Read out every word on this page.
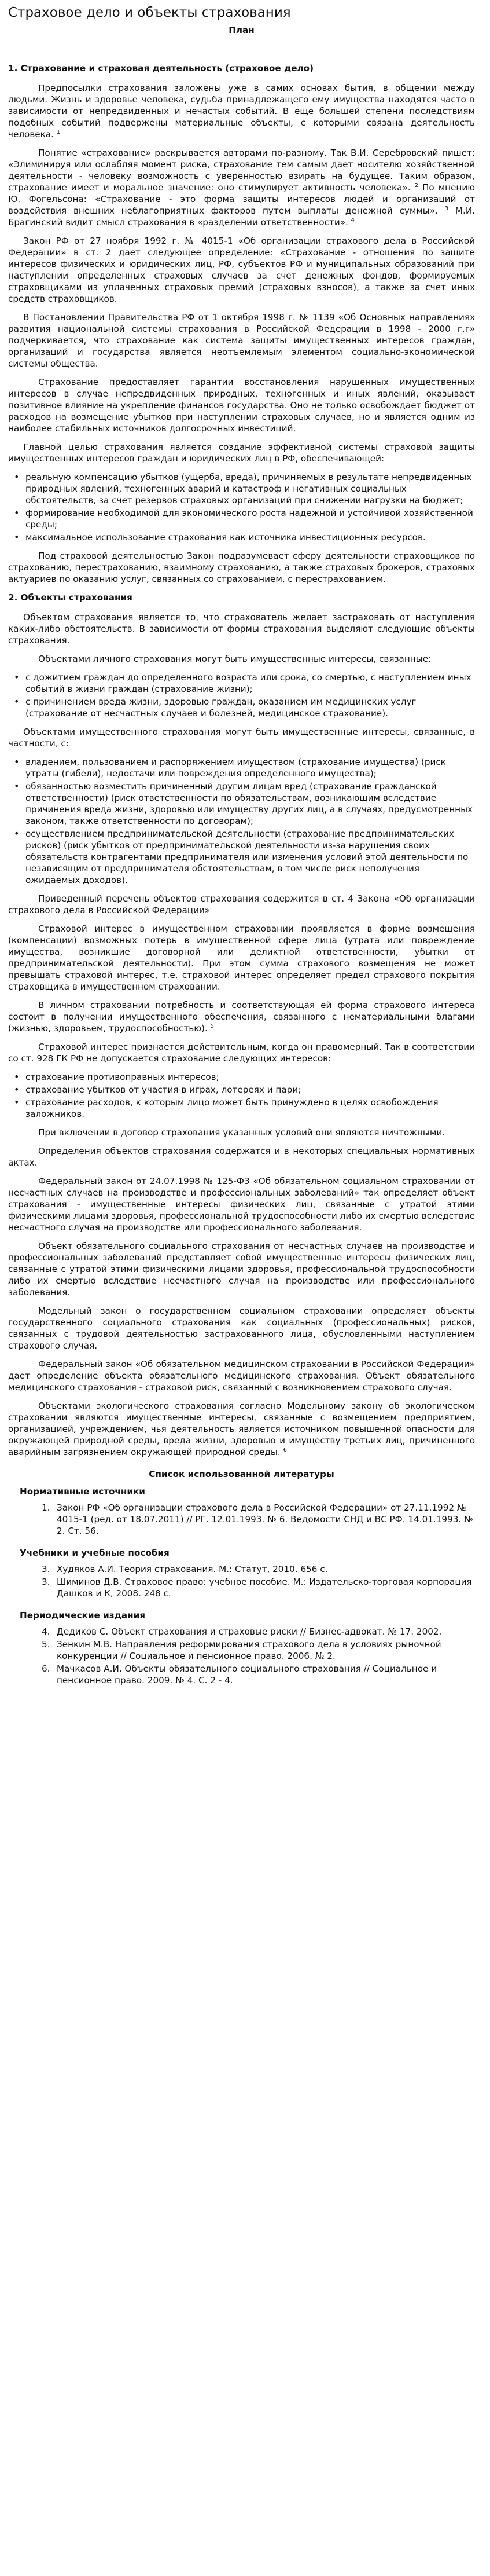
Страховое дело и объекты страхования
План
1. Страхование и страховая деятельность (страховое дело)

Предпосылки страхования заложены уже в самих основах бытия, в общении между людьми. Жизнь и здоровье человека, судьба принадлежащего ему имущества находятся часто в зависимости от непредвиденных и нечастых событий. В еще большей степени последствиям подобных событий подвержены материальные объекты, с которыми связана деятельность человека. $^1$

Понятие «страхование» раскрывается авторами по-разному. Так В.И. Серебровский пишет: «Элиминируя или ослабляя момент риска, страхование тем самым дает носителю хозяйственной деятельности - человеку возможность с уверенностью взирать на будущее. Таким образом, страхование имеет и моральное значение: оно стимулирует активность человека». $^2$ По мнению Ю. Фогельсона: «Страхование - это форма защиты интересов людей и организаций от воздействия внешних неблагоприятных факторов путем выплаты денежной суммы». $^3$ М.И. Брагинский видит смысл страхования в «разделении ответственности». $^4$

Закон РФ от 27 ноября 1992 г. № 4015-1 «Об организации страхового дела в Российской Федерации» в ст. 2 дает следующее определение: «Страхование - отношения по защите интересов физических и юридических лиц, РФ, субъектов РФ и муниципальных образований при наступлении определенных страховых случаев за счет денежных фондов, формируемых страховщиками из уплаченных страховых премий (страховых взносов), а также за счет иных средств страховщиков.

В Постановлении Правительства РФ от 1 октября 1998 г. № 1139 «Об Основных направлениях развития национальной системы страхования в Российской Федерации в 1998 - 2000 г.г» подчеркивается, что страхование как система защиты имущественных интересов граждан, организаций и государства является неотъемлемым элементом социально-экономической системы общества.

Страхование предоставляет гарантии восстановления нарушенных имущественных интересов в случае непредвиденных природных, техногенных и иных явлений, оказывает позитивное влияние на укрепление финансов государства. Оно не только освобождает бюджет от расходов на возмещение убытков при наступлении страховых случаев, но и является одним из наиболее стабильных источников долгосрочных инвестиций.

Главной целью страхования является создание эффективной системы страховой защиты имущественных интересов граждан и юридических лиц в РФ, обеспечивающей:

• реальную компенсацию убытков (ущерба, вреда), причиняемых в результате непредвиденных природных явлений, техногенных аварий и катастроф и негативных социальных обстоятельств, за счет резервов страховых организаций при снижении нагрузки на бюджет;
• формирование необходимой для экономического роста надежной и устойчивой хозяйственной среды;
• максимальное использование страхования как источника инвестиционных ресурсов.

Под страховой деятельностью Закон подразумевает сферу деятельности страховщиков по страхованию, перестрахованию, взаимному страхованию, а также страховых брокеров, страховых актуариев по оказанию услуг, связанных со страхованием, с перестрахованием.

2. Объекты страхования

Объектом страхования является то, что страхователь желает застраховать от наступления каких-либо обстоятельств. В зависимости от формы страхования выделяют следующие объекты страхования.

Объектами личного страхования могут быть имущественные интересы, связанные:

• с дожитием граждан до определенного возраста или срока, со смертью, с наступлением иных событий в жизни граждан (страхование жизни);
• с причинением вреда жизни, здоровью граждан, оказанием им медицинских услуг (страхование от несчастных случаев и болезней, медицинское страхование).

Объектами имущественного страхования могут быть имущественные интересы, связанные, в частности, с:

• владением, пользованием и распоряжением имуществом (страхование имущества) (риск утраты (гибели), недостачи или повреждения определенного имущества);
• обязанностью возместить причиненный другим лицам вред (страхование гражданской ответственности) (риск ответственности по обязательствам, возникающим вследствие причинения вреда жизни, здоровью или имуществу других лиц, а в случаях, предусмотренных законом, также ответственности по договорам);
• осуществлением предпринимательской деятельности (страхование предпринимательских рисков) (риск убытков от предпринимательской деятельности из-за нарушения своих обязательств контрагентами предпринимателя или изменения условий этой деятельности по независящим от предпринимателя обстоятельствам, в том числе риск неполучения ожидаемых доходов).

Приведенный перечень объектов страхования содержится в ст. 4 Закона «Об организации страхового дела в Российской Федерации»

Страховой интерес в имущественном страховании проявляется в форме возмещения (компенсации) возможных потерь в имущественной сфере лица (утрата или повреждение имущества, возникшие договорной или деликтной ответственности, убытки от предпринимательской деятельности). При этом сумма страхового возмещения не может превышать страховой интерес, т.е. страховой интерес определяет предел страхового покрытия страховщика в имущественном страховании.

В личном страховании потребность и соответствующая ей форма страхового интереса состоит в получении имущественного обеспечения, связанного с нематериальными благами (жизнью, здоровьем, трудоспособностью). $^5$

Страховой интерес признается действительным, когда он правомерный. Так в соответствии со ст. 928 ГК РФ не допускается страхование следующих интересов:

• страхование противоправных интересов;
• страхование убытков от участия в играх, лотереях и пари;
• страхование расходов, к которым лицо может быть принуждено в целях освобождения заложников.

При включении в договор страхования указанных условий они являются ничтожными.

Определения объектов страхования содержатся и в некоторых специальных нормативных актах.

Федеральный закон от 24.07.1998 № 125-ФЗ «Об обязательном социальном страховании от несчастных случаев на производстве и профессиональных заболеваний» так определяет объект страхования - имущественные интересы физических лиц, связанные с утратой этими физическими лицами здоровья, профессиональной трудоспособности либо их смертью вследствие несчастного случая на производстве или профессионального заболевания.

Объект обязательного социального страхования от несчастных случаев на производстве и профессиональных заболеваний представляет собой имущественные интересы физических лиц, связанные с утратой этими физическими лицами здоровья, профессиональной трудоспособности либо их смертью вследствие несчастного случая на производстве или профессионального заболевания.

Модельный закон о государственном социальном страховании определяет объекты государственного социального страхования как социальных (профессиональных) рисков, связанных с трудовой деятельностью застрахованного лица, обусловленными наступлением страхового случая.

Федеральный закон «Об обязательном медицинском страховании в Российской Федерации» дает определение объекта обязательного медицинского страхования. Объект обязательного медицинского страхования - страховой риск, связанный с возникновением страхового случая.

Объектами экологического страхования согласно Модельному закону об экологическом страховании являются имущественные интересы, связанные с возмещением предприятием, организацией, учреждением, чья деятельность является источником повышенной опасности для окружающей природной среды, вреда жизни, здоровью и имуществу третьих лиц, причиненного аварийным загрязнением окружающей природной среды. $^6$

Список использованной литературы
Нормативные источники
1. Закон РФ «Об организации страхового дела в Российской Федерации» от 27.11.1992 № 4015-1 (ред. от 18.07.2011) // РГ. 12.01.1993. № 6. Ведомости СНД и ВС РФ. 14.01.1993. № 2. Ст. 56.
Учебники и учебные пособия
3. Худяков А.И. Теория страхования. М.: Статут, 2010. 656 с.
3. Шиминов Д.В. Страховое право: учебное пособие. М.: Издательско-торговая корпорация Дашков и К, 2008. 248 с.
Периодические издания
4. Дедиков С. Объект страхования и страховые риски // Бизнес-адвокат. № 17. 2002.
5. Зенкин М.В. Направления реформирования страхового дела в условиях рыночной конкуренции // Социальное и пенсионное право. 2006. № 2.
6. Мачкасов А.И. Объекты обязательного социального страхования // Социальное и пенсионное право. 2009. № 4. С. 2 - 4.
